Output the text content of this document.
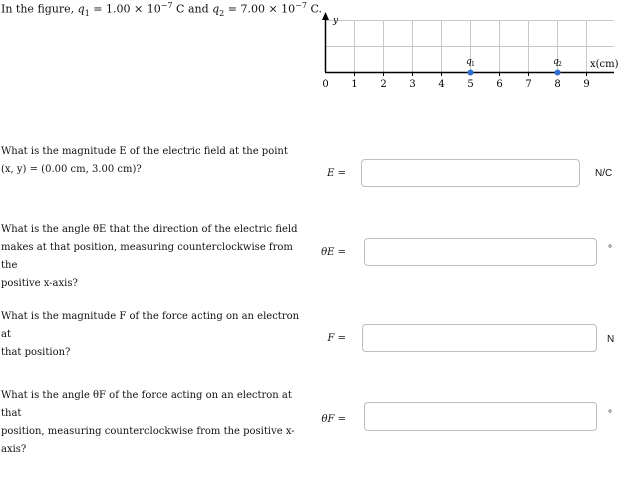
In the figure, $q_1 = 1.00 \times 10^{-7}$ C and $q_2 = 7.00 \times 10^{-7}$ C.
y
x(cm)
0 1 2 3 4 5 6 7 8 9
q 1	q 2
What is the magnitude E of the electric field at the point
(x, y) = (0.00 cm, 3.00 cm)?	E =	N/C
What is the angle θE that the direction of the electric field
makes at that position, measuring counterclockwise from the
positive x-axis?
θE =	°
What is the magnitude F of the force acting on an electron at
that position?
F =	N
What is the angle θF of the force acting on an electron at that
position, measuring counterclockwise from the positive x-
axis?
θF =	°
